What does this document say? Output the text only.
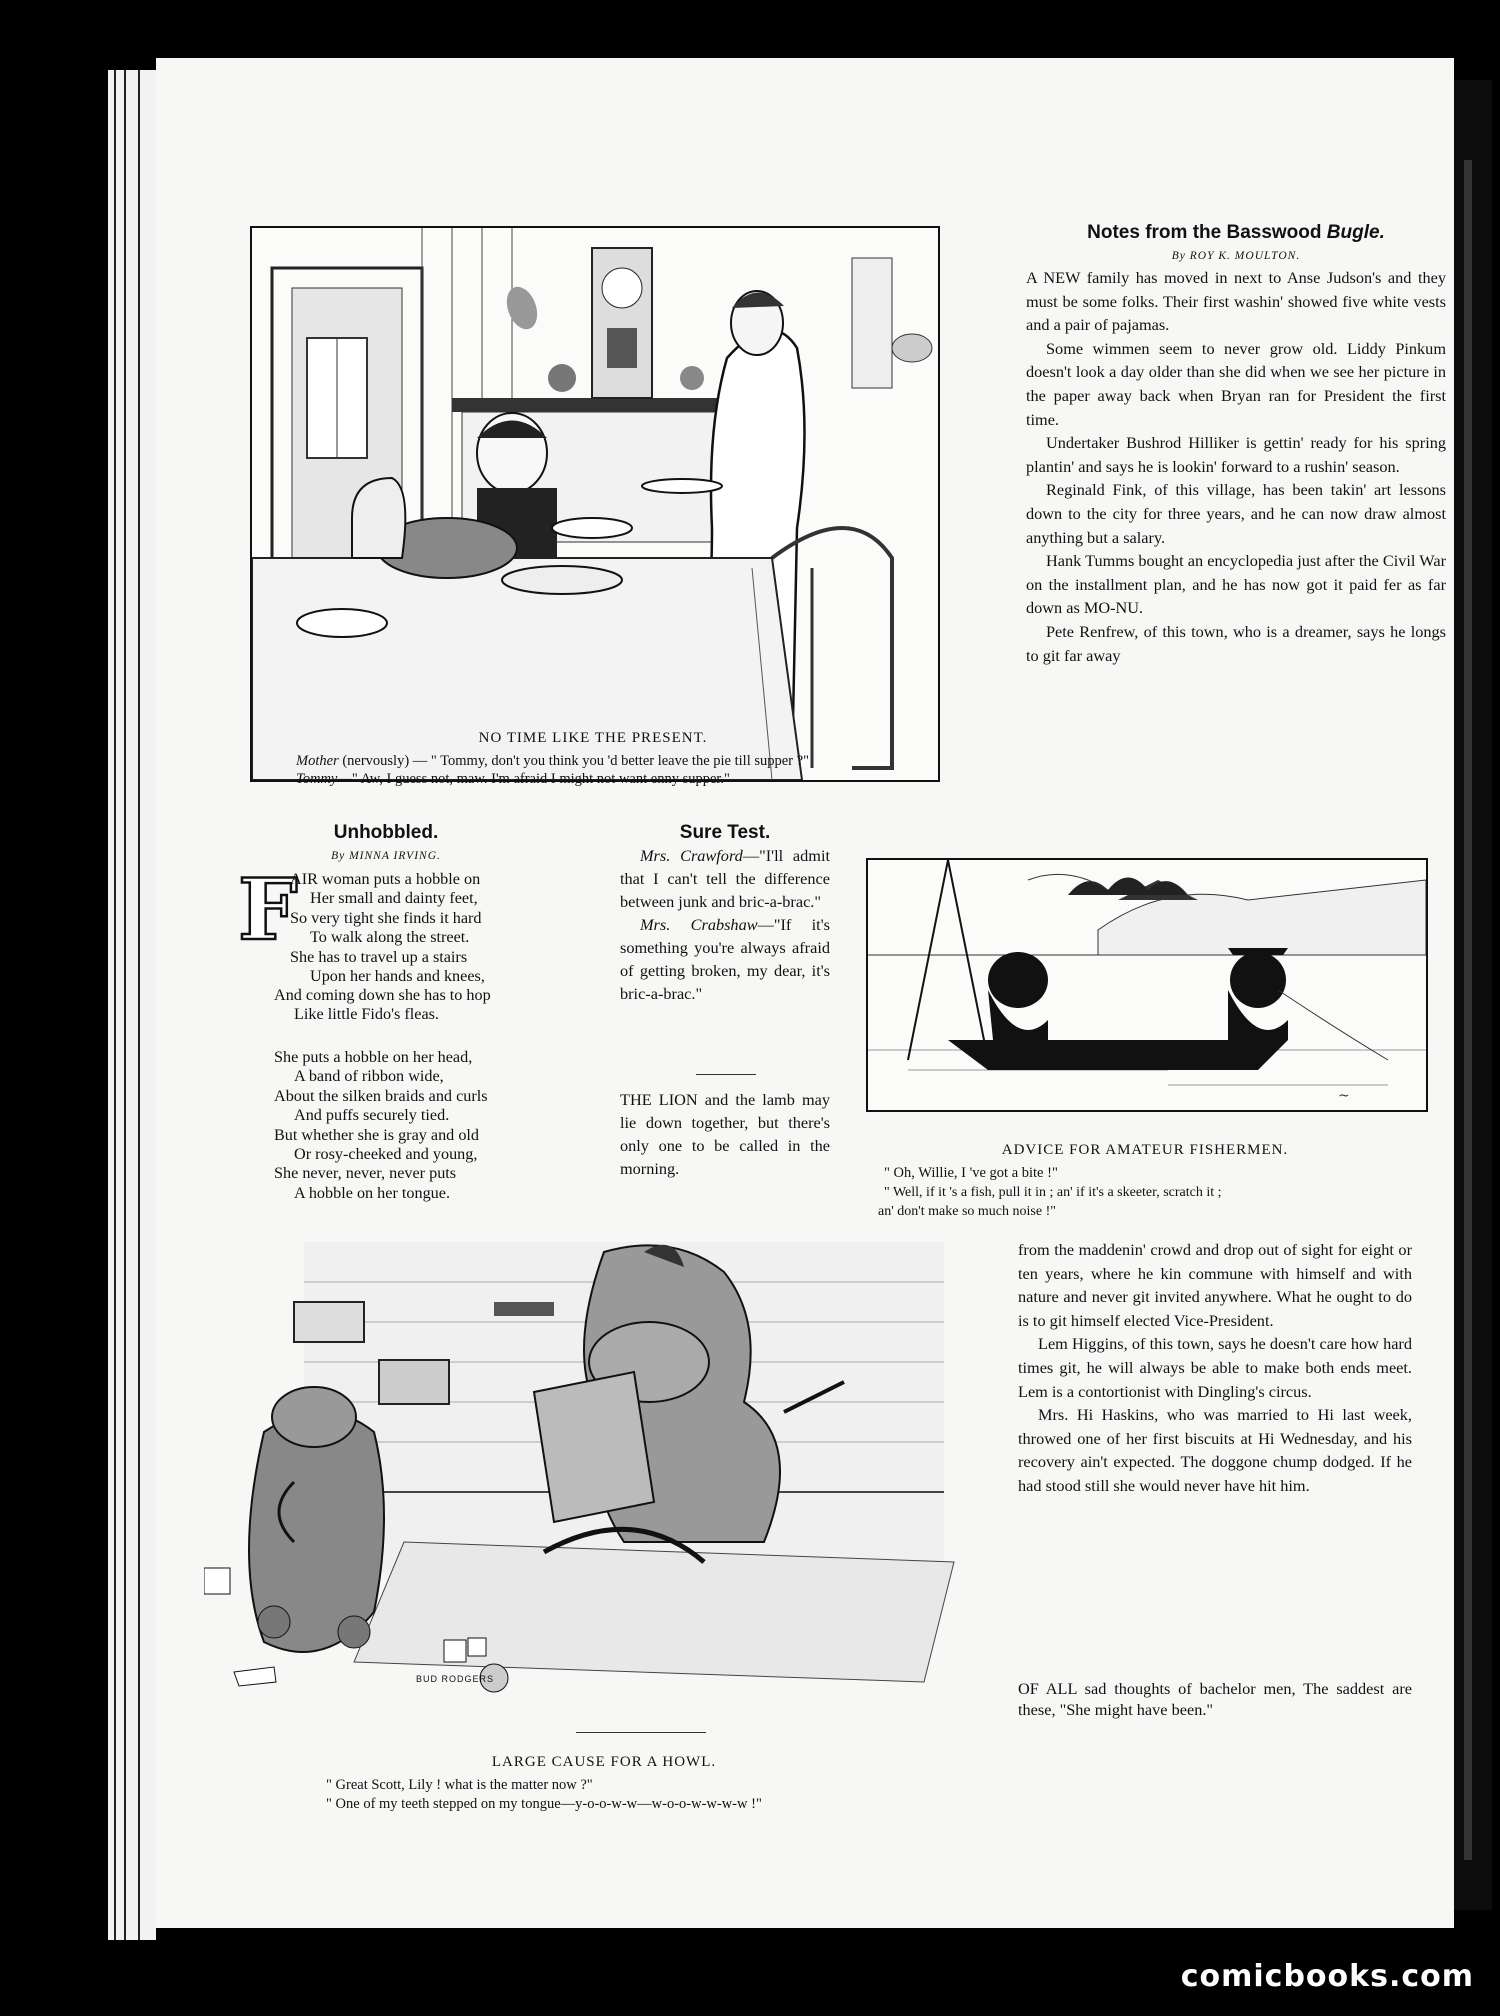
NO TIME LIKE THE PRESENT.
Mother (nervously) — " Tommy, don't you think you 'd better leave the pie till supper ?"
Tommy—" Aw, I guess not, maw. I'm afraid I might not want enny supper."
Notes from the Basswood Bugle.
By ROY K. MOULTON.

A NEW family has moved in next to Anse Judson's and they must be some folks. Their first washin' showed five white vests and a pair of pajamas.

Some wimmen seem to never grow old. Liddy Pinkum doesn't look a day older than she did when we see her picture in the paper away back when Bryan ran for President the first time.

Undertaker Bushrod Hilliker is gettin' ready for his spring plantin' and says he is lookin' forward to a rushin' season.

Reginald Fink, of this village, has been takin' art lessons down to the city for three years, and he can now draw almost anything but a salary.

Hank Tumms bought an encyclopedia just after the Civil War on the installment plan, and he has now got it paid fer as far down as MO-NU.

Pete Renfrew, of this town, who is a dreamer, says he longs to git far away

Unhobbled.
By MINNA IRVING.
F
AIR woman puts a hobble on
Her small and dainty feet,
So very tight she finds it hard
To walk along the street.
She has to travel up a stairs
Upon her hands and knees,
And coming down she has to hop
Like little Fido's fleas.
She puts a hobble on her head,
A band of ribbon wide,
About the silken braids and curls
And puffs securely tied.
But whether she is gray and old
Or rosy-cheeked and young,
She never, never, never puts
A hobble on her tongue.
Sure Test.

Mrs. Crawford—"I'll admit that I can't tell the difference between junk and bric-a-brac."

Mrs. Crabshaw—"If it's something you're always afraid of getting broken, my dear, it's bric-a-brac."

THE LION and the lamb may lie down together, but there's only one to be called in the morning.

~
ADVICE FOR AMATEUR FISHERMEN.
" Oh, Willie, I 've got a bite !"
" Well, if it 's a fish, pull it in ; an' if it's a skeeter, scratch it ;
an' don't make so much noise !"
BUD RODGERS
LARGE CAUSE FOR A HOWL.
" Great Scott, Lily ! what is the matter now ?"
" One of my teeth stepped on my tongue—y-o-o-w-w—w-o-o-w-w-w-w !"

from the maddenin' crowd and drop out of sight for eight or ten years, where he kin commune with himself and with nature and never git invited anywhere. What he ought to do is to git himself elected Vice-President.

Lem Higgins, of this town, says he doesn't care how hard times git, he will always be able to make both ends meet. Lem is a contortionist with Dingling's circus.

Mrs. Hi Haskins, who was married to Hi last week, throwed one of her first biscuits at Hi Wednesday, and his recovery ain't expected. The doggone chump dodged. If he had stood still she would never have hit him.

OF ALL sad thoughts of bachelor men, The saddest are these, "She might have been."

comicbooks.com
